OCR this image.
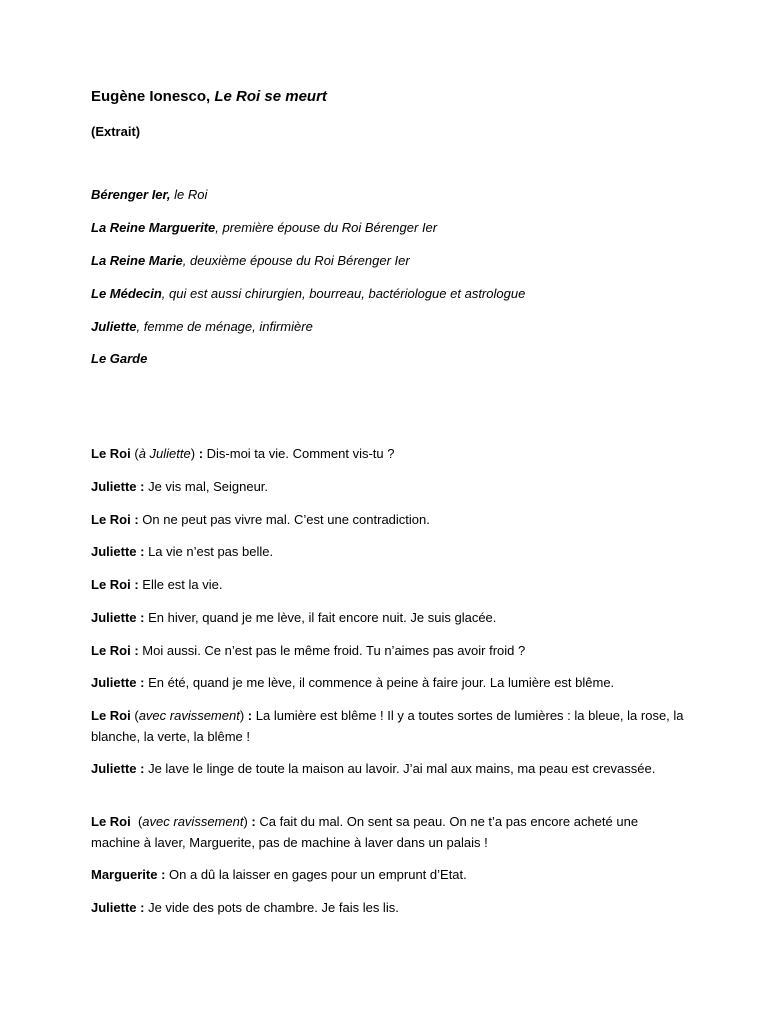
Eugène Ionesco, Le Roi se meurt
(Extrait)
Bérenger Ier, le Roi
La Reine Marguerite, première épouse du Roi Bérenger Ier
La Reine Marie, deuxième épouse du Roi Bérenger Ier
Le Médecin, qui est aussi chirurgien, bourreau, bactériologue et astrologue
Juliette, femme de ménage, infirmière
Le Garde
Le Roi (à Juliette) : Dis-moi ta vie. Comment vis-tu ?
Juliette : Je vis mal, Seigneur.
Le Roi : On ne peut pas vivre mal. C’est une contradiction.
Juliette : La vie n’est pas belle.
Le Roi : Elle est la vie.
Juliette : En hiver, quand je me lève, il fait encore nuit. Je suis glacée.
Le Roi : Moi aussi. Ce n’est pas le même froid. Tu n’aimes pas avoir froid ?
Juliette : En été, quand je me lève, il commence à peine à faire jour. La lumière est blême.
Le Roi (avec ravissement) : La lumière est blême ! Il y a toutes sortes de lumières : la bleue, la rose, la blanche, la verte, la blême !
Juliette : Je lave le linge de toute la maison au lavoir. J’ai mal aux mains, ma peau est crevassée.
Le Roi  (avec ravissement) : Ca fait du mal. On sent sa peau. On ne t’a pas encore acheté une machine à laver, Marguerite, pas de machine à laver dans un palais !
Marguerite : On a dû la laisser en gages pour un emprunt d’Etat.
Juliette : Je vide des pots de chambre. Je fais les lis.
